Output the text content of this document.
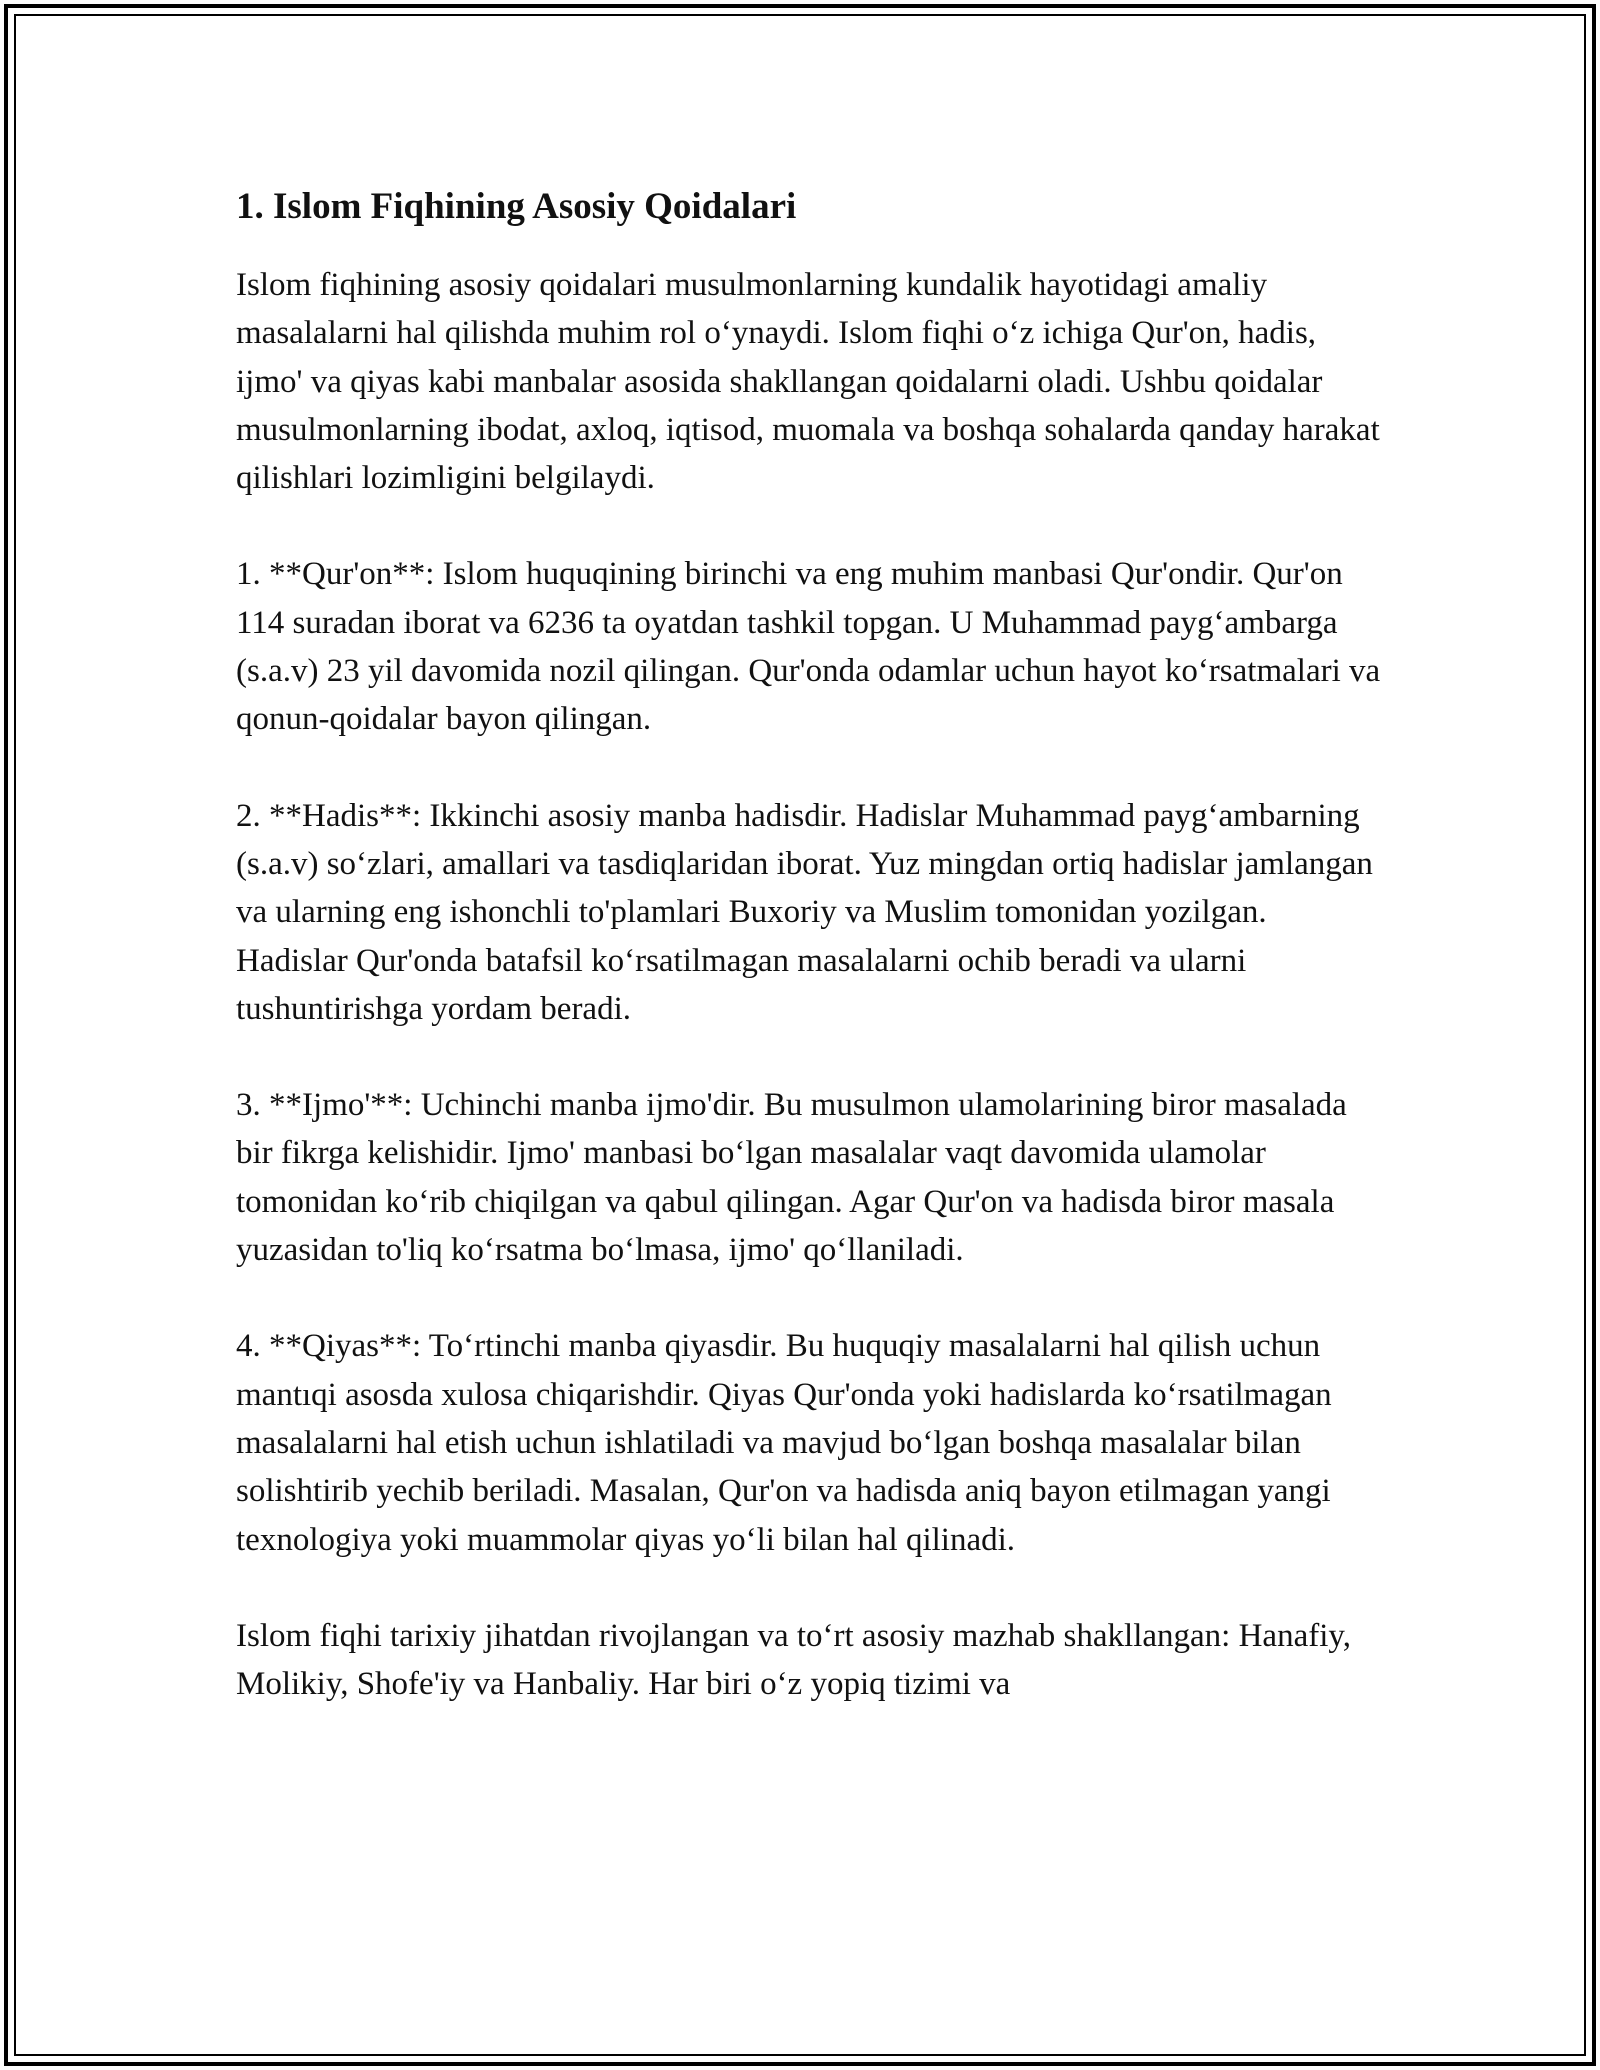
1. Islom Fiqhining Asosiy Qoidalari

Islom fiqhining asosiy qoidalari musulmonlarning kundalik hayotidagi amaliy masalalarni hal qilishda muhim rol o‘ynaydi. Islom fiqhi o‘z ichiga Qur'on, hadis, ijmo' va qiyas kabi manbalar asosida shakllangan qoidalarni oladi. Ushbu qoidalar musulmonlarning ibodat, axloq, iqtisod, muomala va boshqa sohalarda qanday harakat qilishlari lozimligini belgilaydi.

1. **Qur'on**: Islom huquqining birinchi va eng muhim manbasi Qur'ondir. Qur'on 114 suradan iborat va 6236 ta oyatdan tashkil topgan. U Muhammad payg‘ambarga (s.a.v) 23 yil davomida nozil qilingan. Qur'onda odamlar uchun hayot ko‘rsatmalari va qonun-qoidalar bayon qilingan.

2. **Hadis**: Ikkinchi asosiy manba hadisdir. Hadislar Muhammad payg‘ambarning (s.a.v) so‘zlari, amallari va tasdiqlaridan iborat. Yuz mingdan ortiq hadislar jamlangan va ularning eng ishonchli to'plamlari Buxoriy va Muslim tomonidan yozilgan. Hadislar Qur'onda batafsil ko‘rsatilmagan masalalarni ochib beradi va ularni tushuntirishga yordam beradi.

3. **Ijmo'**: Uchinchi manba ijmo'dir. Bu musulmon ulamolarining biror masalada bir fikrga kelishidir. Ijmo' manbasi bo‘lgan masalalar vaqt davomida ulamolar tomonidan ko‘rib chiqilgan va qabul qilingan. Agar Qur'on va hadisda biror masala yuzasidan to'liq ko‘rsatma bo‘lmasa, ijmo' qo‘llaniladi.

4. **Qiyas**: To‘rtinchi manba qiyasdir. Bu huquqiy masalalarni hal qilish uchun mantıqi asosda xulosa chiqarishdir. Qiyas Qur'onda yoki hadislarda ko‘rsatilmagan masalalarni hal etish uchun ishlatiladi va mavjud bo‘lgan boshqa masalalar bilan solishtirib yechib beriladi. Masalan, Qur'on va hadisda aniq bayon etilmagan yangi texnologiya yoki muammolar qiyas yo‘li bilan hal qilinadi.

Islom fiqhi tarixiy jihatdan rivojlangan va to‘rt asosiy mazhab shakllangan: Hanafiy, Molikiy, Shofe'iy va Hanbaliy. Har biri o‘z yopiq tizimi va
